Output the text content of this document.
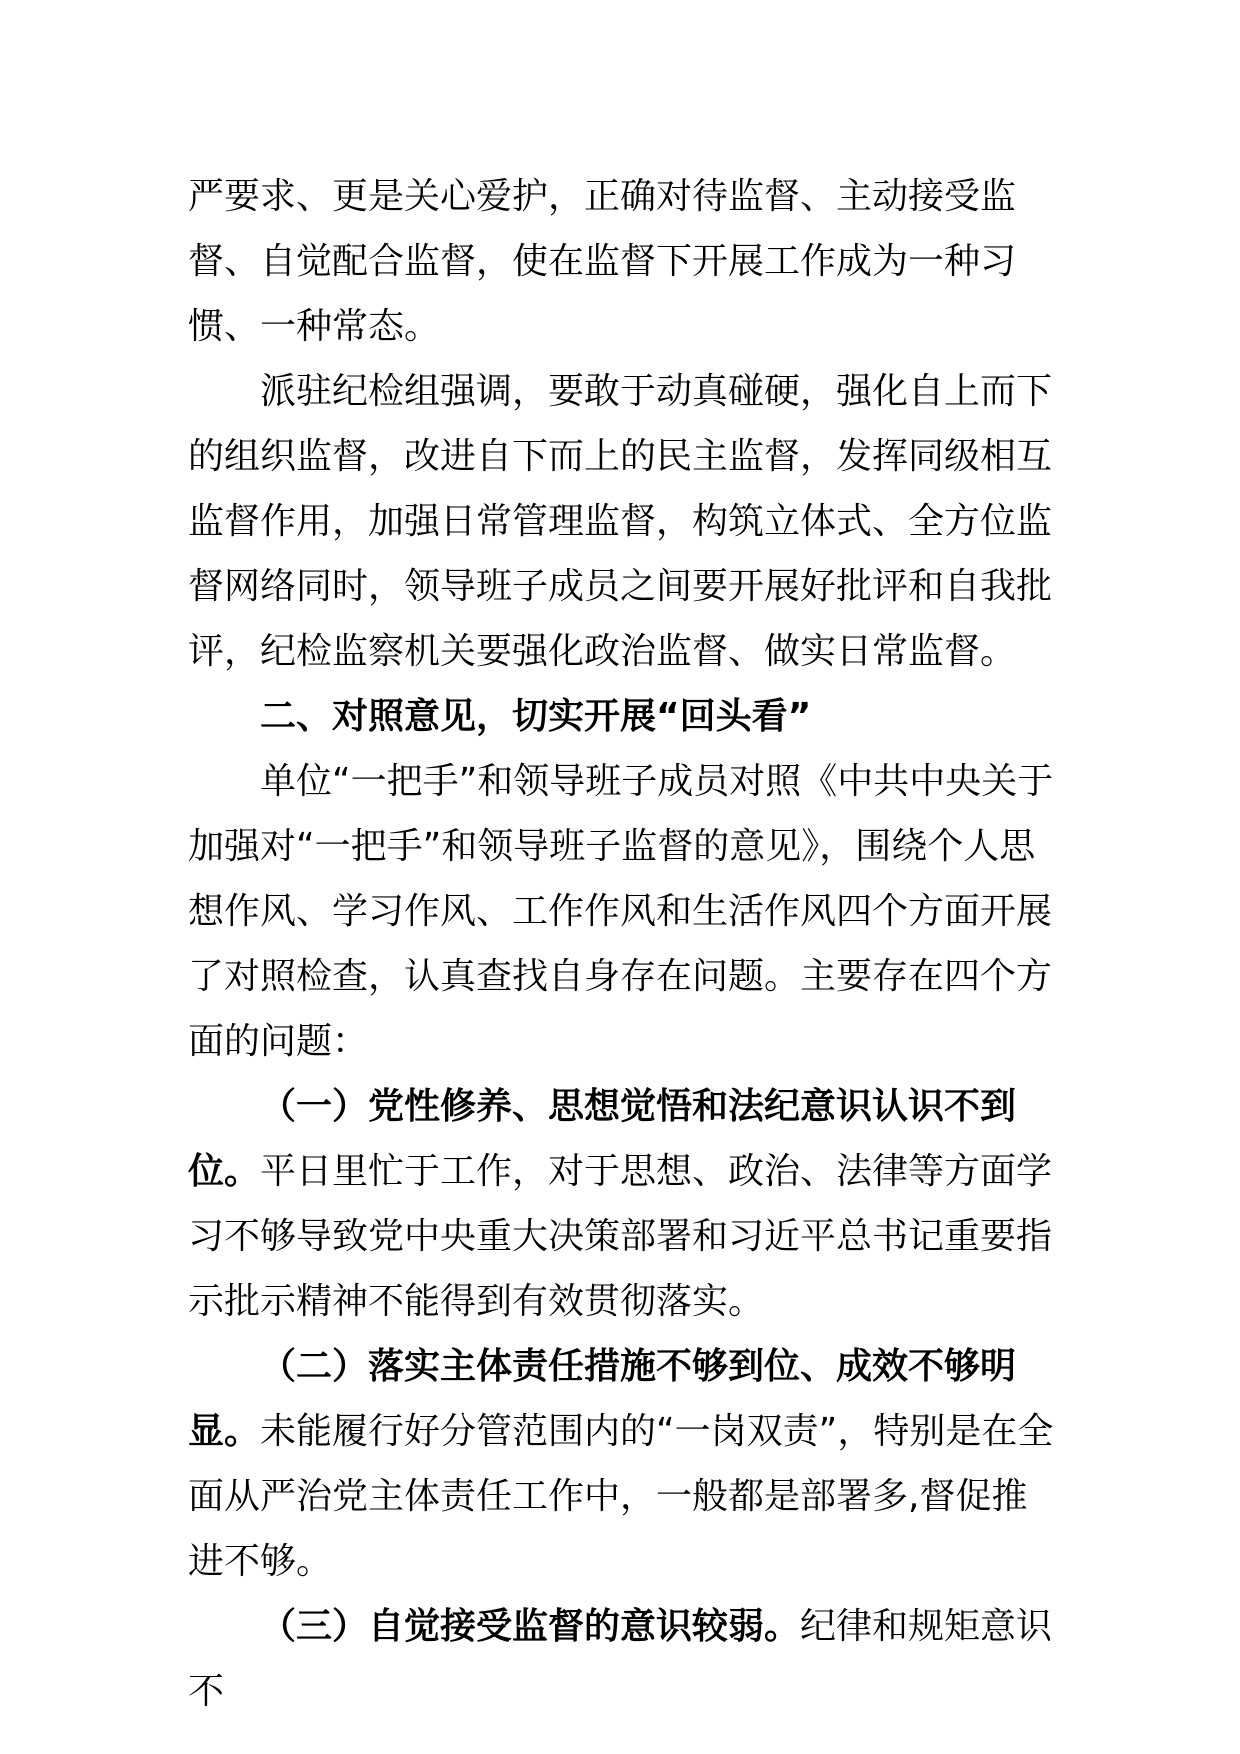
严要求、更是关心爱护，正确对待监督、主动接受监督、自觉配合监督，使在监督下开展工作成为一种习惯、一种常态。

派驻纪检组强调，要敢于动真碰硬，强化自上而下的组织监督，改进自下而上的民主监督，发挥同级相互监督作用，加强日常管理监督，构筑立体式、全方位监督网络同时，领导班子成员之间要开展好批评和自我批评，纪检监察机关要强化政治监督、做实日常监督。

二、对照意见，切实开展“回头看”

单位“一把手”和领导班子成员对照《中共中央关于加强对“一把手”和领导班子监督的意见》，围绕个人思想作风、学习作风、工作作风和生活作风四个方面开展了对照检查，认真查找自身存在问题。主要存在四个方面的问题：

（一）党性修养、思想觉悟和法纪意识认识不到位。平日里忙于工作，对于思想、政治、法律等方面学习不够导致党中央重大决策部署和习近平总书记重要指示批示精神不能得到有效贯彻落实。

（二）落实主体责任措施不够到位、成效不够明显。未能履行好分管范围内的“一岗双责”，特别是在全面从严治党主体责任工作中，一般都是部署多,督促推进不够。

（三）自觉接受监督的意识较弱。纪律和规矩意识不
